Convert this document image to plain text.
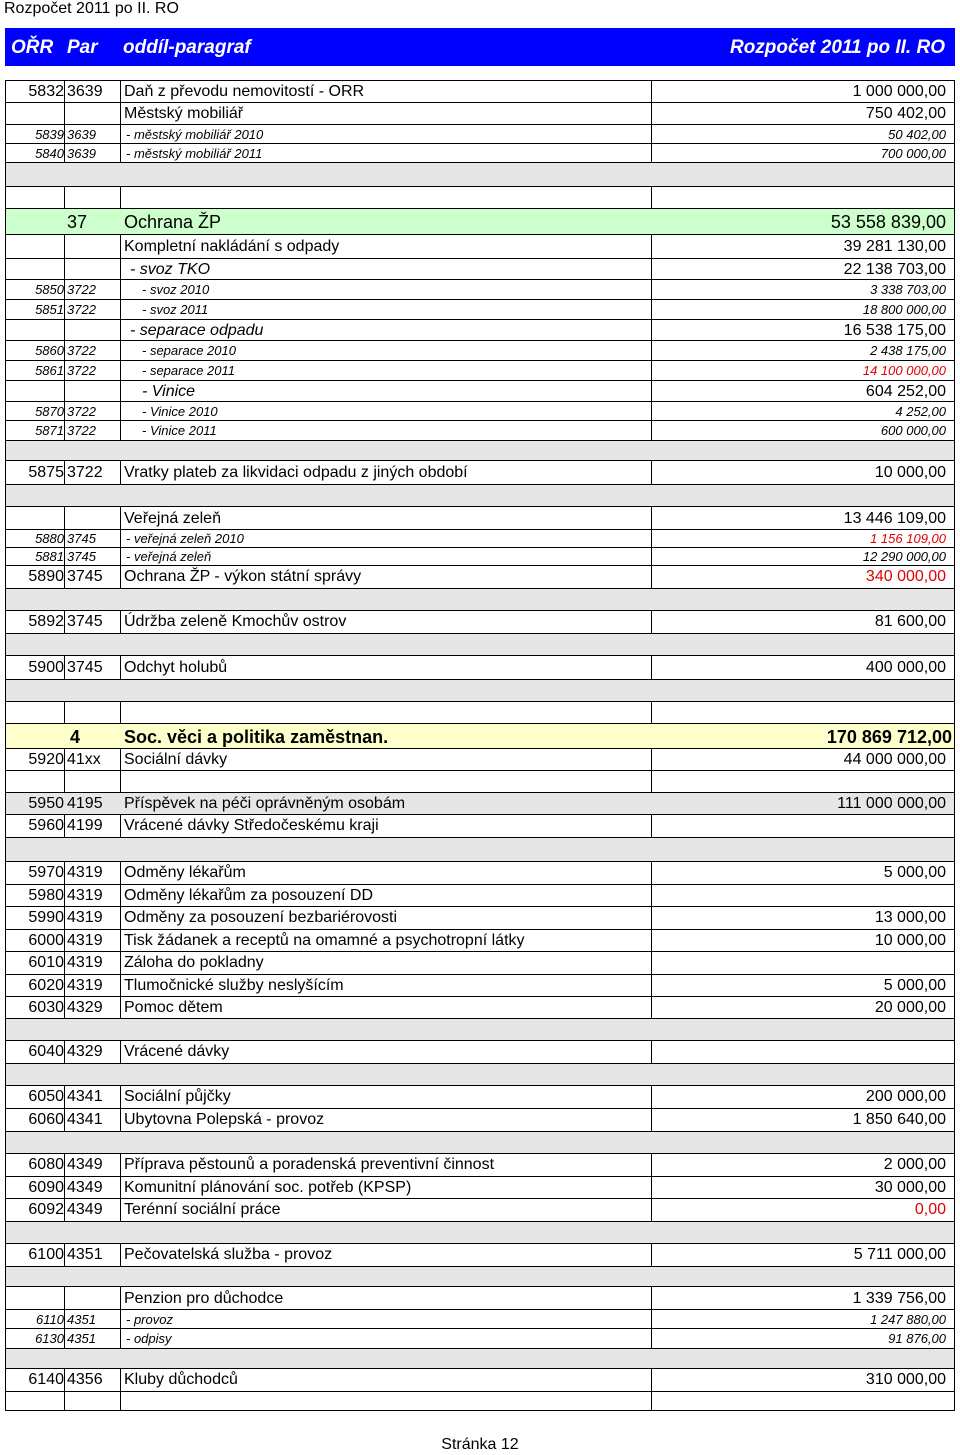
Rozpočet 2011 po II. RO
OŘR Par oddíl-paragraf	Rozpočet 2011 po II. RO
5832 3639 Daň z převodu nemovitostí - ORR	1 000 000,00
Městský mobiliář	750 402,00
5839 3639 - městský mobiliář 2010	50 402,00
5840 3639 - městský mobiliář 2011	700 000,00
37 Ochrana ŽP	53 558 839,00
Kompletní nakládání s odpady	39 281 130,00
- svoz TKO	22 138 703,00
5850 3722	- svoz 2010	3 338 703,00
5851 3722	- svoz 2011	18 800 000,00
- separace odpadu	16 538 175,00
5860 3722	- separace 2010	2 438 175,00
5861 3722	- separace 2011	14 100 000,00
- Vinice	604 252,00
5870 3722	- Vinice 2010	4 252,00
5871 3722	- Vinice 2011	600 000,00
5875 3722 Vratky plateb za likvidaci odpadu z jiných období	10 000,00
Veřejná zeleň	13 446 109,00
5880 3745 - veřejná zeleň 2010	1 156 109,00
5881 3745 - veřejná zeleň	12 290 000,00
5890 3745 Ochrana ŽP - výkon státní správy	340 000,00
5892 3745 Údržba zeleně Kmochův ostrov	81 600,00
5900 3745 Odchyt holubů	400 000,00
4 Soc. věci a politika zaměstnan.	170 869 712,00
5920 41xx Sociální dávky	44 000 000,00
5950 4195 Příspěvek na péči oprávněným osobám	111 000 000,00
5960 4199 Vrácené dávky Středočeskému kraji
5970 4319 Odměny lékařům	5 000,00
5980 4319 Odměny lékařům za posouzení DD
5990 4319 Odměny za posouzení bezbariérovosti	13 000,00
6000 4319 Tisk žádanek a receptů na omamné a psychotropní látky	10 000,00
6010 4319 Záloha do pokladny
6020 4319 Tlumočnické služby neslyšícím	5 000,00
6030 4329 Pomoc dětem	20 000,00
6040 4329 Vrácené dávky
6050 4341 Sociální půjčky	200 000,00
6060 4341 Ubytovna Polepská - provoz	1 850 640,00
6080 4349 Příprava pěstounů a poradenská preventivní činnost	2 000,00
6090 4349 Komunitní plánování soc. potřeb (KPSP)	30 000,00
6092 4349 Terénní sociální práce	0,00
6100 4351 Pečovatelská služba - provoz	5 711 000,00
Penzion pro důchodce	1 339 756,00
6110 4351 - provoz	1 247 880,00
6130 4351 - odpisy	91 876,00
6140 4356 Kluby důchodců	310 000,00
Stránka 12
